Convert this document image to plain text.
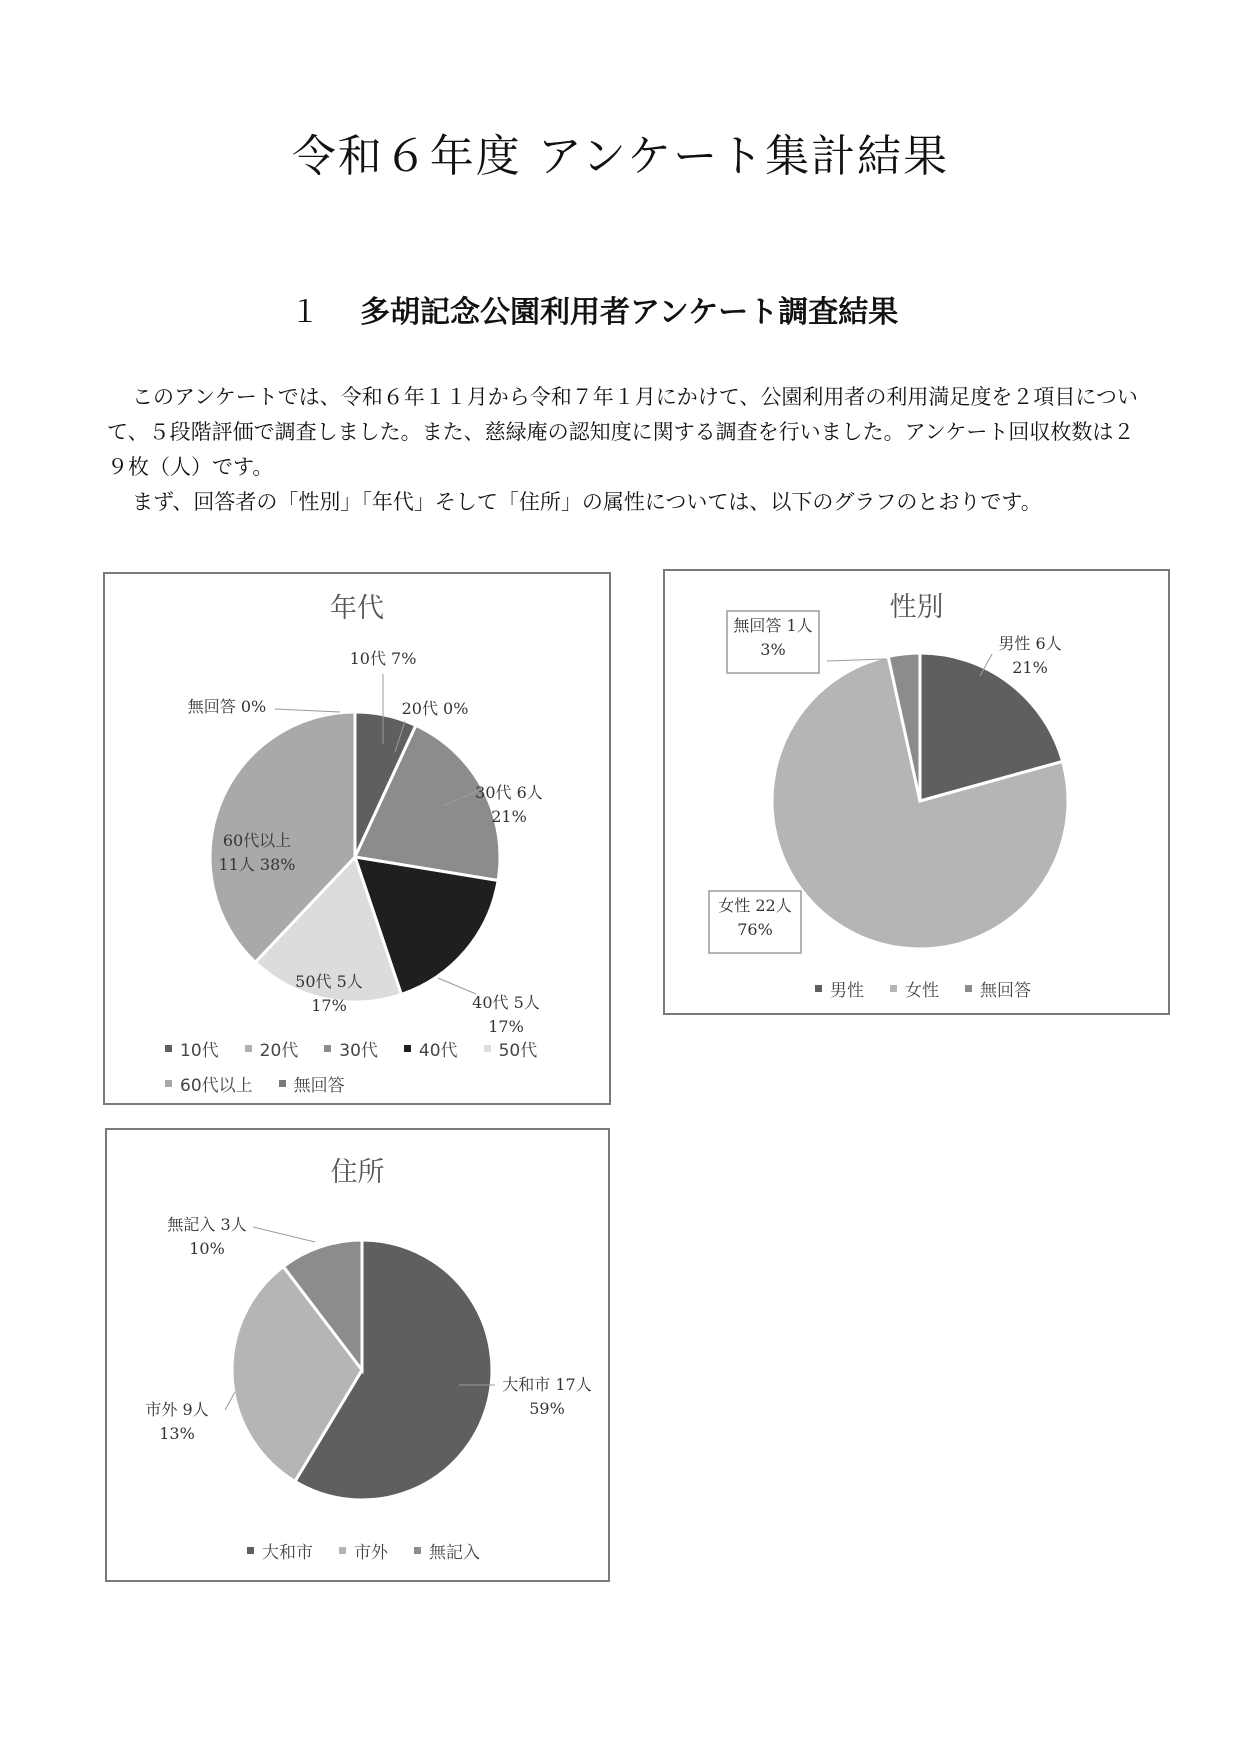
令和６年度 アンケート集計結果
１ 多胡記念公園利用者アンケート調査結果

このアンケートでは、令和６年１１月から令和７年１月にかけて、公園利用者の利用満足度を２項目について、５段階評価で調査しました。また、慈緑庵の認知度に関する調査を行いました。アンケート回収枚数は２９枚（人）です。

まず、回答者の「性別」「年代」そして「住所」の属性については、以下のグラフのとおりです。

年代
10代 7%
20代 0%
30代 6人 21%
40代 5人 17%
50代 5人 17%
60代以上 11人 38%
無回答 0%
10代 20代 30代 40代 50代
60代以上 無回答
性別
男性 6人 21%
女性 22人 76%
無回答 1人 3%
男性 女性 無回答
住所
大和市 17人 59%
市外 9人 13%
無記入 3人 10%
大和市 市外 無記入
